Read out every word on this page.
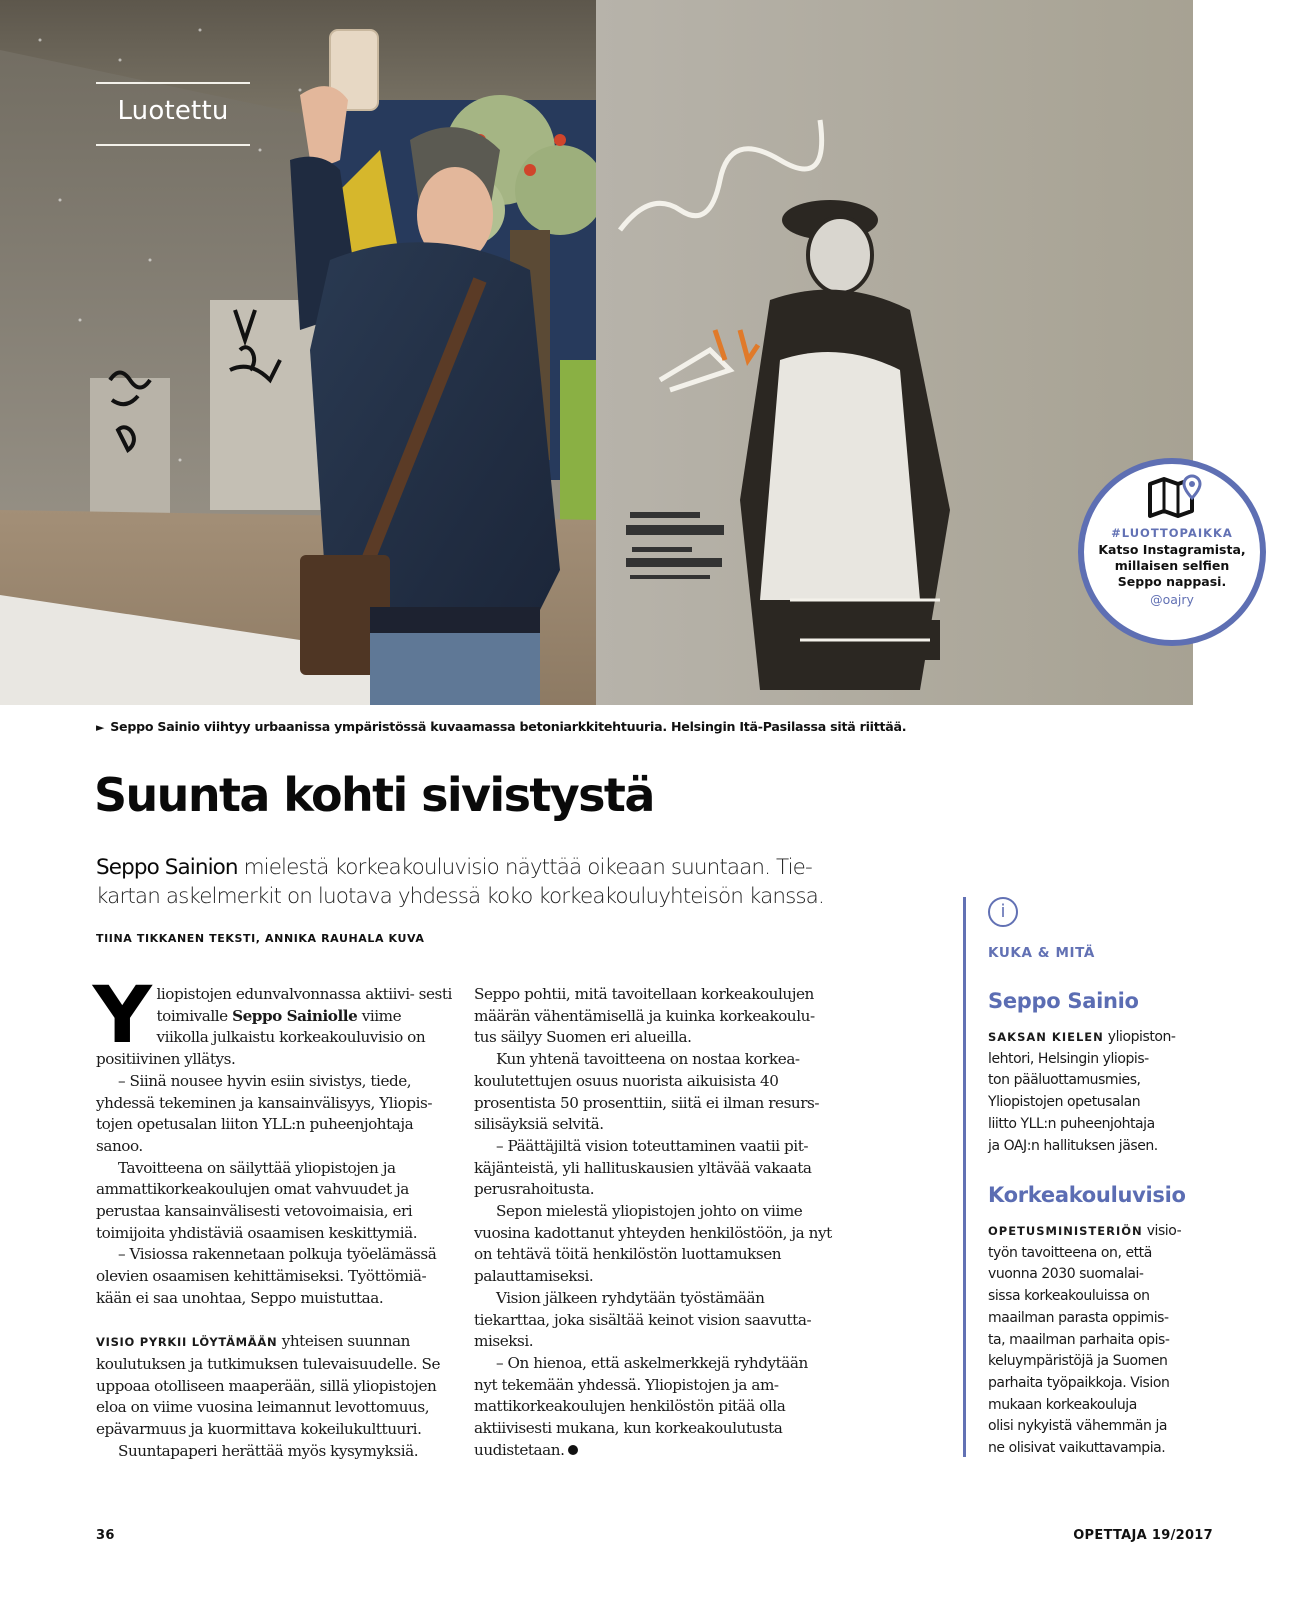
Luotettu
#LUOTTOPAIKKA
Katso Instagramista,
millaisen selfien
Seppo nappasi.
@oajry
► Seppo Sainio viihtyy urbaanissa ympäristössä kuvaamassa betoniarkkitehtuuria. Helsingin Itä-Pasilassa sitä riittää.
Suunta kohti sivistystä
Seppo Sainion mielestä korkeakouluvisio näyttää oikeaan suuntaan. Tie-
kartan askelmerkit on luotava yhdessä koko korkeakouluyhteisön kanssa.
TIINA TIKKANEN TEKSTI, ANNIKA RAUHALA KUVA

Yliopistojen edunvalvonnassa aktiivi- sesti toimivalle Seppo Sainiolle viime viikolla julkaistu korkeakouluvisio on positiivinen yllätys.

– Siinä nousee hyvin esiin sivistys, tiede, yhdessä tekeminen ja kansainvälisyys, Yliopis- tojen opetusalan liiton YLL:n puheenjohtaja sanoo.

Tavoitteena on säilyttää yliopistojen ja ammattikorkeakoulujen omat vahvuudet ja perustaa kansainvälisesti vetovoimaisia, eri toimijoita yhdistäviä osaamisen keskittymiä.

– Visiossa rakennetaan polkuja työelämässä olevien osaamisen kehittämiseksi. Työttömiä- kään ei saa unohtaa, Seppo muistuttaa.

VISIO PYRKII LÖYTÄMÄÄN yhteisen suunnan koulutuksen ja tutkimuksen tulevaisuudelle. Se uppoaa otolliseen maaperään, sillä yliopistojen eloa on viime vuosina leimannut levottomuus, epävarmuus ja kuormittava kokeilukulttuuri.

Suuntapaperi herättää myös kysymyksiä.

Seppo pohtii, mitä tavoitellaan korkeakoulujen määrän vähentämisellä ja kuinka korkeakoulu- tus säilyy Suomen eri alueilla.

Kun yhtenä tavoitteena on nostaa korkea- koulutettujen osuus nuorista aikuisista 40 prosentista 50 prosenttiin, siitä ei ilman resurs- silisäyksiä selvitä.

– Päättäjiltä vision toteuttaminen vaatii pit- käjänteistä, yli hallituskausien yltävää vakaata perusrahoitusta.

Sepon mielestä yliopistojen johto on viime vuosina kadottanut yhteyden henkilöstöön, ja nyt on tehtävä töitä henkilöstön luottamuksen palauttamiseksi.

Vision jälkeen ryhdytään työstämään tiekarttaa, joka sisältää keinot vision saavutta- miseksi.

– On hienoa, että askelmerkkejä ryhdytään nyt tekemään yhdessä. Yliopistojen ja am- mattikorkeakoulujen henkilöstön pitää olla aktiivisesti mukana, kun korkeakoulutusta uudistetaan.

i
KUKA & MITÄ
Seppo Sainio
SAKSAN KIELEN yliopiston-
lehtori, Helsingin yliopis-
ton pääluottamusmies,
Yliopistojen opetusalan
liitto YLL:n puheenjohtaja
ja OAJ:n hallituksen jäsen.
Korkeakouluvisio
OPETUSMINISTERIÖN visio-
työn tavoitteena on, että
vuonna 2030 suomalai-
sissa korkeakouluissa on
maailman parasta oppimis-
ta, maailman parhaita opis-
keluympäristöjä ja Suomen
parhaita työpaikkoja. Vision
mukaan korkeakouluja
olisi nykyistä vähemmän ja
ne olisivat vaikuttavampia.
36	OPETTAJA 19/2017
